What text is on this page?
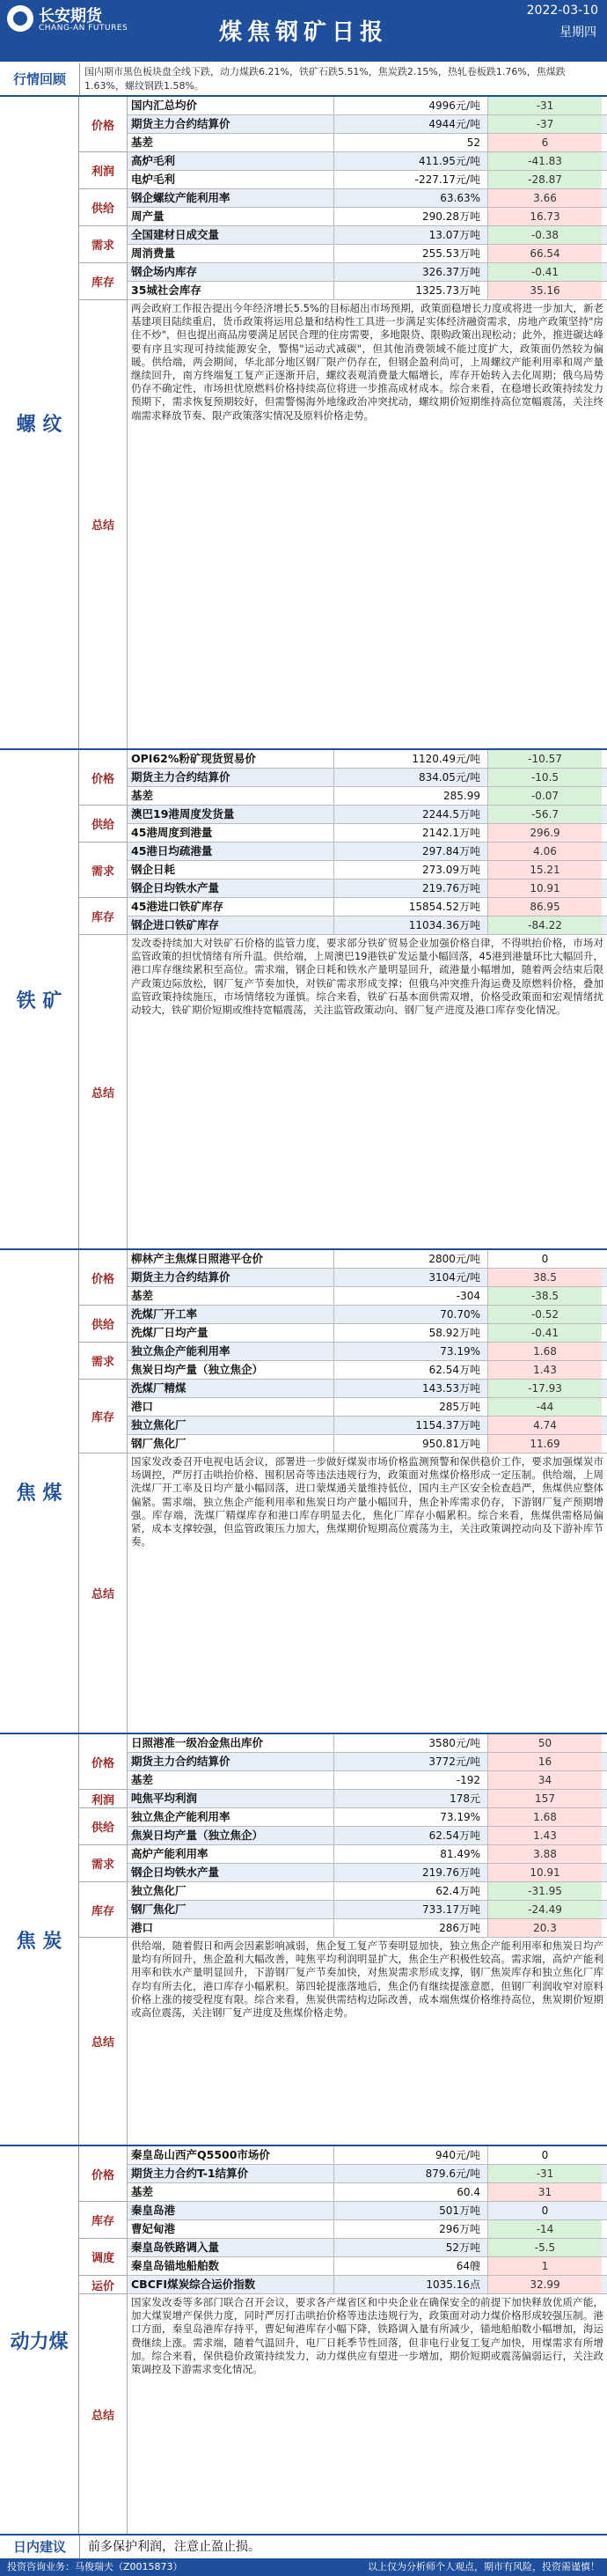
长安期货
CHANG-AN FUTURES	煤焦钢矿日报
2022-03-10
星期四
行情回顾	国内期市黑色板块盘全线下跌，动力煤跌6.21%，铁矿石跌5.51%，焦炭跌2.15%，热轧卷板跌1.76%，焦煤跌1.63%，螺纹钢跌1.58%。
螺 纹
价格
国内汇总均价	4996元/吨	-31
期货主力合约结算价	4944元/吨	-37
基差	52	6
利润
高炉毛利	411.95元/吨	-41.83
电炉毛利	-227.17元/吨	-28.87
供给
钢企螺纹产能利用率	63.63%	3.66
周产量	290.28万吨	16.73
需求
全国建材日成交量	13.07万吨	-0.38
周消费量	255.53万吨	66.54
库存
钢企场内库存	326.37万吨	-0.41
35城社会库存	1325.73万吨	35.16
总结
两会政府工作报告提出今年经济增长5.5%的目标超出市场预期，政策面稳增长力度或将进一步加大，新老基建项目陆续重启，货币政策将运用总量和结构性工具进一步满足实体经济融资需求，房地产政策坚持"房住不炒"，但也提出商品房要满足居民合理的住房需要，多地限贷、限购政策出现松动；此外，推进碳达峰要有序且实现可持续能源安全，警惕"运动式减碳"，但其他消费领域不能过度扩大，政策面仍然较为偏暖。供给端，两会期间，华北部分地区钢厂限产仍存在，但钢企盈利尚可，上周螺纹产能利用率和周产量继续回升，南方终端复工复产正逐渐开启，螺纹表观消费量大幅增长，库存开始转入去化周期；俄乌局势仍存不确定性，市场担忧原燃料价格持续高位将进一步推高成材成本。综合来看，在稳增长政策持续发力预期下，需求恢复预期较好，但需警惕海外地缘政治冲突扰动，螺纹期价短期维持高位宽幅震荡，关注终端需求释放节奏、限产政策落实情况及原料价格走势。
铁 矿
价格
OPI62%粉矿现货贸易价	1120.49元/吨	-10.57
期货主力合约结算价	834.05元/吨	-10.5
基差	285.99	-0.07
供给
澳巴19港周度发货量	2244.5万吨	-56.7
45港周度到港量	2142.1万吨	296.9
需求
45港日均疏港量	297.84万吨	4.06
钢企日耗	273.09万吨	15.21
钢企日均铁水产量	219.76万吨	10.91
库存
45港进口铁矿库存	15854.52万吨	86.95
钢企进口铁矿库存	11034.36万吨	-84.22
总结
发改委持续加大对铁矿石价格的监管力度，要求部分铁矿贸易企业加强价格自律，不得哄抬价格，市场对监管政策的担忧情绪有所升温。供给端，上周澳巴19港铁矿发运量小幅回落，45港到港量环比大幅回升，港口库存继续累积至高位。需求端，钢企日耗和铁水产量明显回升，疏港量小幅增加，随着两会结束后限产政策边际放松，钢厂复产节奏加快，对铁矿需求形成支撑；但俄乌冲突推升海运费及原燃料价格，叠加监管政策持续施压，市场情绪较为谨慎。综合来看，铁矿石基本面供需双增，价格受政策面和宏观情绪扰动较大，铁矿期价短期或维持宽幅震荡，关注监管政策动向、钢厂复产进度及港口库存变化情况。
焦 煤
价格
柳林产主焦煤日照港平仓价	2800元/吨	0
期货主力合约结算价	3104元/吨	38.5
基差	-304	-38.5
供给
洗煤厂开工率	70.70%	-0.52
洗煤厂日均产量	58.92万吨	-0.41
需求
独立焦企产能利用率	73.19%	1.68
焦炭日均产量（独立焦企）	62.54万吨	1.43
库存
洗煤厂精煤	143.53万吨	-17.93
港口	285万吨	-44
独立焦化厂	1154.37万吨	4.74
钢厂焦化厂	950.81万吨	11.69
总结
国家发改委召开电视电话会议，部署进一步做好煤炭市场价格监测预警和保供稳价工作，要求加强煤炭市场调控，严厉打击哄抬价格、囤积居奇等违法违规行为，政策面对焦煤价格形成一定压制。供给端，上周洗煤厂开工率及日均产量小幅回落，进口蒙煤通关量维持低位，国内主产区安全检查趋严，焦煤供应整体偏紧。需求端，独立焦企产能利用率和焦炭日均产量小幅回升，焦企补库需求仍存，下游钢厂复产预期增强。库存端，洗煤厂精煤库存和港口库存明显去化，焦化厂库存小幅累积。综合来看，焦煤供需格局偏紧，成本支撑较强，但监管政策压力加大，焦煤期价短期高位震荡为主，关注政策调控动向及下游补库节奏。
焦 炭
价格
日照港准一级冶金焦出库价	3580元/吨	50
期货主力合约结算价	3772元/吨	16
基差	-192	34
利润	吨焦平均利润	178元	157
供给
独立焦企产能利用率	73.19%	1.68
焦炭日均产量（独立焦企）	62.54万吨	1.43
需求
高炉产能利用率	81.49%	3.88
钢企日均铁水产量	219.76万吨	10.91
库存
独立焦化厂	62.4万吨	-31.95
钢厂焦化厂	733.17万吨	-24.49
港口	286万吨	20.3
总结
供给端，随着假日和两会因素影响减弱，焦企复工复产节奏明显加快，独立焦企产能利用率和焦炭日均产量均有所回升，焦企盈利大幅改善，吨焦平均利润明显扩大，焦企生产积极性较高。需求端，高炉产能利用率和铁水产量明显回升，下游钢厂复产节奏加快，对焦炭需求形成支撑，钢厂焦炭库存和独立焦化厂库存均有所去化，港口库存小幅累积。第四轮提涨落地后，焦企仍有继续提涨意愿，但钢厂利润收窄对原料价格上涨的接受程度有限。综合来看，焦炭供需结构边际改善，成本端焦煤价格维持高位，焦炭期价短期或高位震荡，关注钢厂复产进度及焦煤价格走势。
动力煤
价格
秦皇岛山西产Q5500市场价	940元/吨	0
期货主力合约T-1结算价	879.6元/吨	-31
基差	60.4	31
库存
秦皇岛港	501万吨	0
曹妃甸港	296万吨	-14
调度
秦皇岛铁路调入量	52万吨	-5.5
秦皇岛锚地船舶数	64艘	1
运价	CBCFI煤炭综合运价指数	1035.16点	32.99
总结
国家发改委等多部门联合召开会议，要求各产煤省区和中央企业在确保安全的前提下加快释放优质产能，加大煤炭增产保供力度，同时严厉打击哄抬价格等违法违规行为，政策面对动力煤价格形成较强压制。港口方面，秦皇岛港库存持平，曹妃甸港库存小幅下降，铁路调入量有所减少，锚地船舶数小幅增加，海运费继续上涨。需求端，随着气温回升，电厂日耗季节性回落，但非电行业复工复产加快，用煤需求有所增加。综合来看，保供稳价政策持续发力，动力煤供应有望进一步增加，期价短期或震荡偏弱运行，关注政策调控及下游需求变化情况。
日内建议	前多保护利润，注意止盈止损。
投资咨询业务：马俊瑞夫（Z0015873）	以上仅为分析师个人观点，期市有风险，投资需谨慎！
